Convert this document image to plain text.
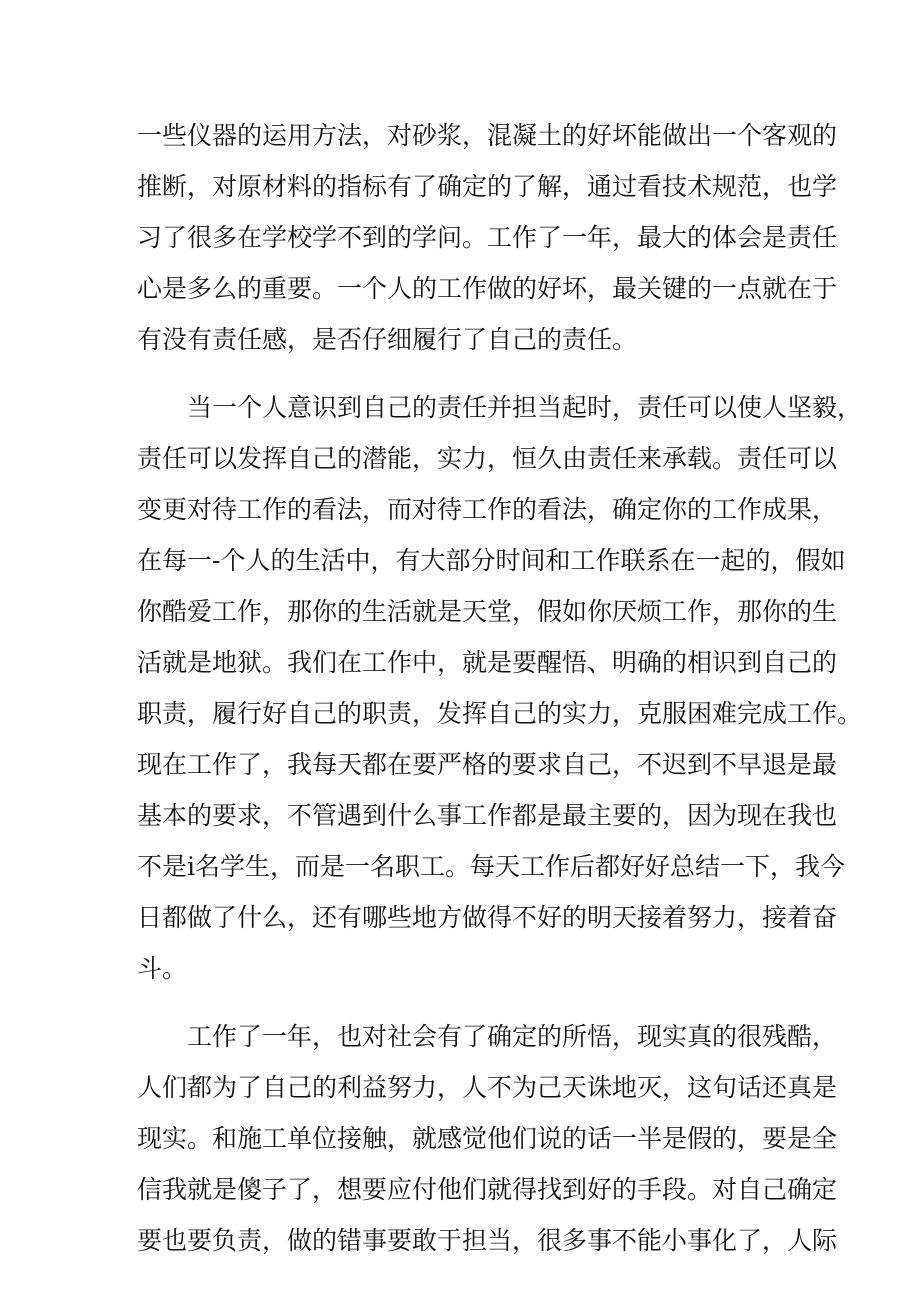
一些仪器的运用方法，对砂浆，混凝土的好坏能做出一个客观的
推断，对原材料的指标有了确定的了解，通过看技术规范，也学
习了很多在学校学不到的学问。工作了一年，最大的体会是责任
心是多么的重要。一个人的工作做的好坏，最关键的一点就在于
有没有责任感，是否仔细履行了自己的责任。
当一个人意识到自己的责任并担当起时，责任可以使人坚毅，
责任可以发挥自己的潜能，实力，恒久由责任来承载。责任可以
变更对待工作的看法，而对待工作的看法，确定你的工作成果，
在每一-个人的生活中，有大部分时间和工作联系在一起的，假如
你酷爱工作，那你的生活就是天堂，假如你厌烦工作，那你的生
活就是地狱。我们在工作中，就是要醒悟、明确的相识到自己的
职责，履行好自己的职责，发挥自己的实力，克服困难完成工作。
现在工作了，我每天都在要严格的要求自己，不迟到不早退是最
基本的要求，不管遇到什么事工作都是最主要的，因为现在我也
不是i名学生，而是一名职工。每天工作后都好好总结一下，我今
日都做了什么，还有哪些地方做得不好的明天接着努力，接着奋
斗。
工作了一年，也对社会有了确定的所悟，现实真的很残酷，
人们都为了自己的利益努力，人不为己天诛地灭，这句话还真是
现实。和施工单位接触，就感觉他们说的话一半是假的，要是全
信我就是傻子了，想要应付他们就得找到好的手段。对自己确定
要也要负责，做的错事要敢于担当，很多事不能小事化了，人际
